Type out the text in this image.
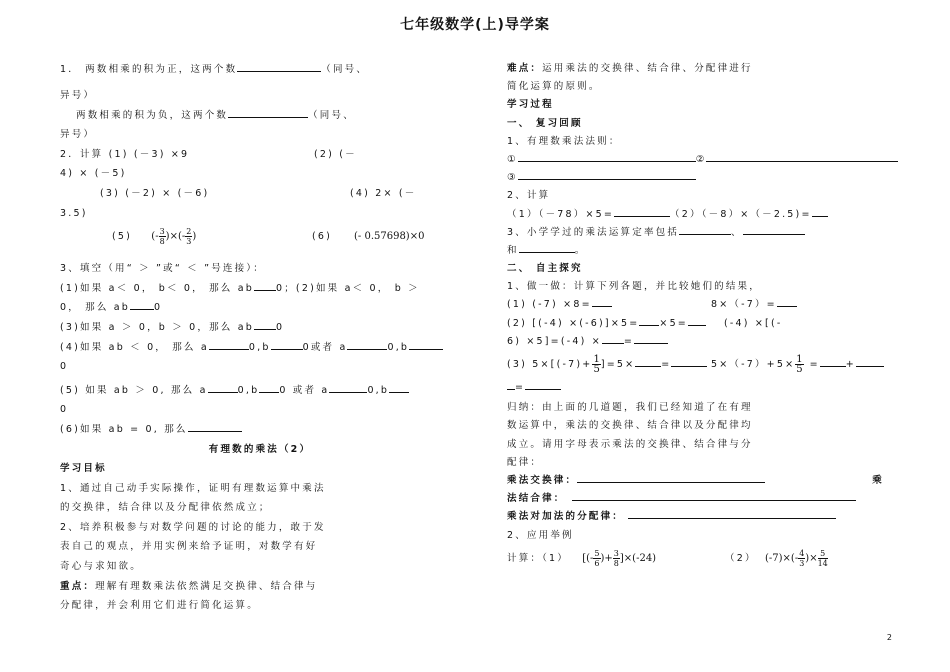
七年级数学(上)导学案
1． 两数相乘的积为正，这两个数	（同号、
异号）
两数相乘的积为负，这两个数	（同号、
异号）
2．计算 (1) (－3) ×9	(2) (－
4) × (－5)
(3) (－2) × (－6)	(4) 2× (－
3.5)
(5) (- $\frac{3}{8}$ )×(- $\frac{2}{3}$ )	(6) (- 0.57698)×0
3、填空（用“ ＞ ”或“ ＜ ”号连接）：
(1)如果 a＜ 0， b＜ 0， 那么 ab 0；(2)如果 a＜ 0， b ＞
0， 那么 ab	0
(3)如果 a ＞ 0，b ＞ 0，那么 ab 0
(4)如果 ab ＜ 0， 那么 a	0,b	0或者 a	0,b
0
(5) 如果 ab ＞ 0, 那么 a	0,b 0 或者 a	0,b
0
(6)如果 ab = 0, 那么
有理数的乘法（2）
学习目标
1、通过自己动手实际操作，证明有理数运算中乘法
的交换律，结合律以及分配律依然成立；
2、培养积极参与对数学问题的讨论的能力，敢于发
表自己的观点，并用实例来给予证明，对数学有好
奇心与求知欲。
重点：理解有理数乘法依然满足交换律、结合律与
分配律，并会利用它们进行简化运算。
难点：运用乘法的交换律、结合律、分配律进行
简化运算的原则。
学习过程
一、 复习回顾
1、有理数乘法法则：
①	②
③
2、计算
（1）（－78）×5=	（2）（－8）×（－2.5)=
3、小学学过的乘法运算定率包括	、
和	。
二、 自主探究
1、做一做：计算下列各题，并比较她们的结果，
(1) (-7) ×8=	8×（-7）=
(2) [(-4) ×(-6)]×5= ×5=	(-4) ×[(-
6) ×5]=(-4) × =
(3) $5\times[(-7)+ \frac{1}{5} ]=5\times$	=	$5\times(-7)+5\times \frac{1}{5}$ =	+
=
归纳：由上面的几道题，我们已经知道了在有理
数运算中，乘法的交换律、结合律以及分配律均
成立。请用字母表示乘法的交换律、结合律与分
配律：
乘法交换律：	乘
法结合律：
乘法对加法的分配律：
2、应用举例
计算：（1） [(- $\frac{5}{6}$ )+ $\frac{3}{8} ]\times(-24)$	（2） $(-7)\times(- \frac{4}{3}$ )× $\frac{5}{14}$
2
